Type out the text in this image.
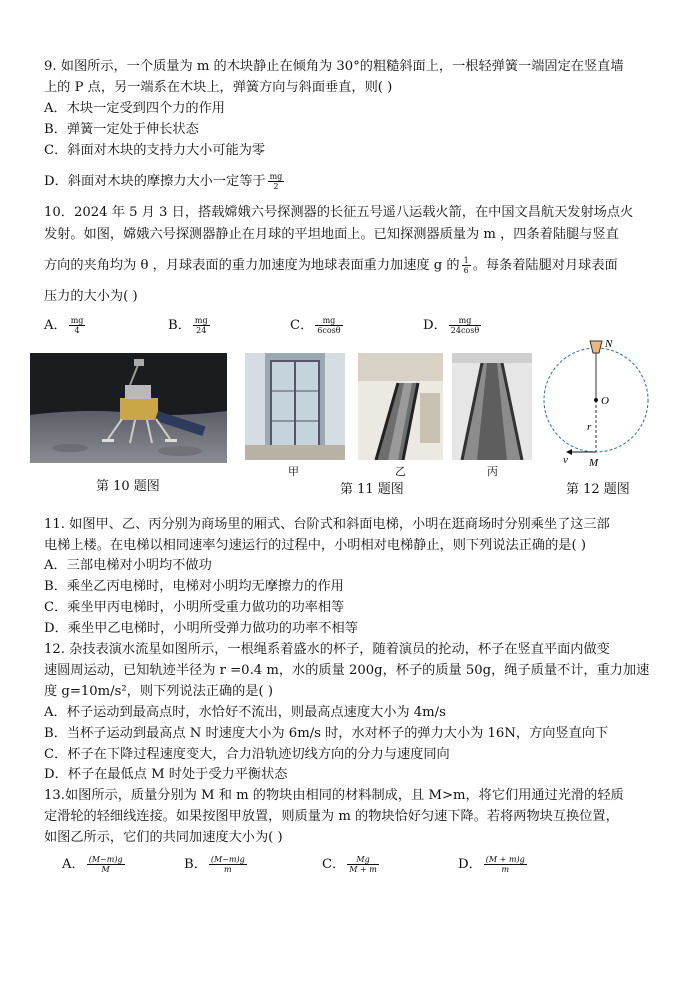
9. 如图所示，一个质量为 m 的木块静止在倾角为 30°的粗糙斜面上，一根轻弹簧一端固定在竖直墙
上的 P 点，另一端系在木块上，弹簧方向与斜面垂直，则( )
A．木块一定受到四个力的作用
B．弹簧一定处于伸长状态
C．斜面对木块的支持力大小可能为零
D．斜面对木块的摩擦力大小一定等于 $\frac{mg}{2}$
10．2024 年 5 月 3 日，搭载嫦娥六号探测器的长征五号遥八运载火箭，在中国文昌航天发射场点火
发射。如图，嫦娥六号探测器静止在月球的平坦地面上。已知探测器质量为 m ，四条着陆腿与竖直
方向的夹角均为 θ ，月球表面的重力加速度为地球表面重力加速度 g 的 $\frac{1}{6}$ 。每条着陆腿对月球表面
压力的大小为( )
A． $\frac{mg}{4}$	B． $\frac{mg}{24}$	C． $\frac{mg}{6\cos\theta}$	D． $\frac{mg}{24\cos\theta}$
第 10 题图
甲	乙	丙
第 11 题图
N
O
r
v M
第 12 题图
11. 如图甲、乙、丙分别为商场里的厢式、台阶式和斜面电梯，小明在逛商场时分别乘坐了这三部
电梯上楼。在电梯以相同速率匀速运行的过程中，小明相对电梯静止，则下列说法正确的是( )
A．三部电梯对小明均不做功
B．乘坐乙丙电梯时，电梯对小明均无摩擦力的作用
C．乘坐甲丙电梯时，小明所受重力做功的功率相等
D．乘坐甲乙电梯时，小明所受弹力做功的功率不相等
12. 杂技表演水流星如图所示，一根绳系着盛水的杯子，随着演员的抡动，杯子在竖直平面内做变
速圆周运动，已知轨迹半径为 r =0.4 m，水的质量 200g，杯子的质量 50g，绳子质量不计，重力加速
度 g=10m/s²，则下列说法正确的是( )
A．杯子运动到最高点时，水恰好不流出，则最高点速度大小为 4m/s
B．当杯子运动到最高点 N 时速度大小为 6m/s 时，水对杯子的弹力大小为 16N，方向竖直向下
C．杯子在下降过程速度变大，合力沿轨迹切线方向的分力与速度同向
D．杯子在最低点 M 时处于受力平衡状态
13.如图所示，质量分别为 M 和 m 的物块由相同的材料制成，且 M>m，将它们用通过光滑的轻质
定滑轮的轻细线连接。如果按图甲放置，则质量为 m 的物块恰好匀速下降。若将两物块互换位置，
如图乙所示，它们的共同加速度大小为( )
A． $\frac{(M-m)g}{M}$	B． $\frac{(M-m)g}{m}$	C． $\frac{Mg}{M + m}$	D． $\frac{(M + m)g}{m}$
